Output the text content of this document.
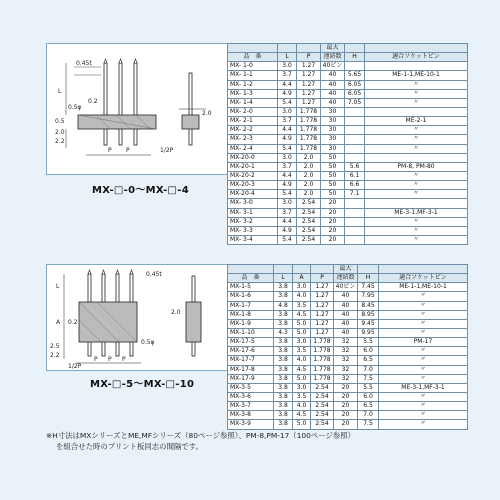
L
0.45t
0.2
0.5
0.5φ
2.2
2.0
2.0
P P	1/2P
MX-□-0〜MX-□-4
			最大		
品　番	L	P	連結数	H	適合ソケットピン
MX- 1-0	3.0	1.27	40ピン		
MX- 1-1	3.7	1.27	40	5.65	ME-1-1,ME-10-1
MX- 1-2	4.4	1.27	40	6.05	〃
MX- 1-3	4.9	1.27	40	6.05	〃
MX- 1-4	5.4	1.27	40	7.05	〃
MX- 2-0	3.0	1.778	30		
MX- 2-1	3.7	1.778	30		ME-2-1
MX- 2-2	4.4	1.778	30		〃
MX- 2-3	4.9	1.778	30		〃
MX- 2-4	5.4	1.778	30		〃
MX-20-0	3.0	2.0	50		
MX-20-1	3.7	2.0	50	5.6	PM-8, PM-80
MX-20-2	4.4	2.0	50	6.1	〃
MX-20-3	4.9	2.0	50	6.6	〃
MX-20-4	5.4	2.0	50	7.1	〃
MX- 3-0	3.0	2.54	20		
MX- 3-1	3.7	2.54	20		ME-3-1,MF-3-1
MX- 3-2	4.4	2.54	20		〃
MX- 3-3	4.9	2.54	20		〃
MX- 3-4	5.4	2.54	20		〃
L
A
0.45t
0.2
2.5
2.2
0.5φ
2.0
P P P
1/2P
MX-□-5〜MX-□-10
				最大		
品　番	L	A	P	連結数	H	適合ソケットピン
MX-1-5	3.8	3.0	1.27	40ピン	7.45	ME-1-1,ME-10-1
MX-1-6	3.8	4.0	1.27	40	7.95	〃
MX-1-7	4.8	3.5	1.27	40	8.45	〃
MX-1-8	3.8	4.5	1.27	40	8.95	〃
MX-1-9	3.8	5.0	1.27	40	9.45	〃
MX-1-10	4.3	5.0	1.27	40	9.95	〃
MX-17-5	3.8	3.0	1.778	32	5.5	PM-17
MX-17-6	3.8	3.5	1.778	32	6.0	〃
MX-17-7	3.8	4.0	1.778	32	6.5	〃
MX-17-8	3.8	4.5	1.778	32	7.0	〃
MX-17-9	3.8	5.0	1.778	32	7.5	〃
MX-3-5	3.8	3.0	2.54	20	5.5	ME-3-1,MF-3-1
MX-3-6	3.8	3.5	2.54	20	6.0	〃
MX-3-7	3.8	4.0	2.54	20	6.5	〃
MX-3-8	3.8	4.5	2.54	20	7.0	〃
MX-3-9	3.8	5.0	2.54	20	7.5	〃
※H寸法はMXシリーズとME,MFシリーズ（80ページ参照）、PM-8,PM-17（100ページ参照）
を組合せた時のプリント板同志の間隔です。
